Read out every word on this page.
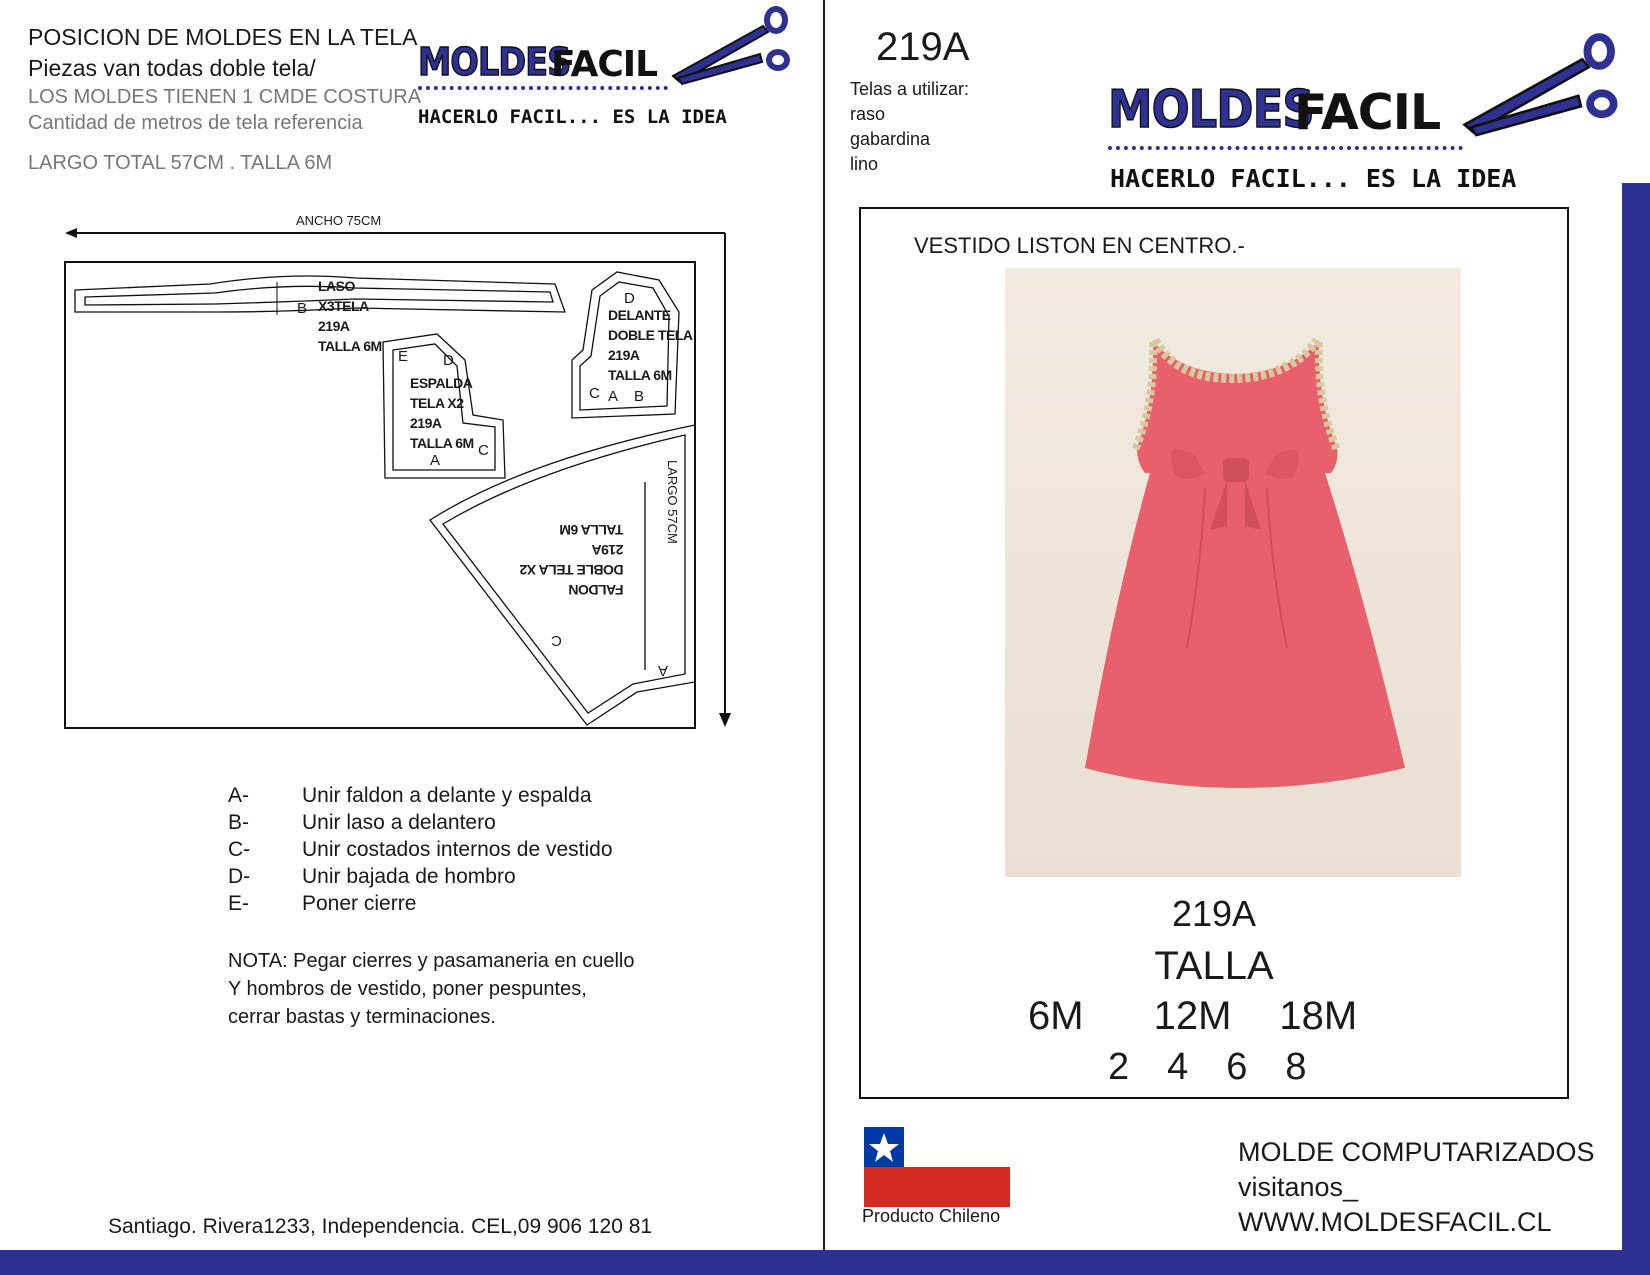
POSICION DE MOLDES EN LA TELA
Piezas van todas doble tela/
LOS MOLDES TIENEN 1 CMDE COSTURA
Cantidad de metros de tela referencia
LARGO TOTAL 57CM . TALLA 6M
MOLDES
FACIL
HACERLO FACIL... ES LA IDEA
ANCHO 75CM
LARGO 57CM
LASO
X3TELA
219A
TALLA 6M
B
ESPALDA
TELA X2
219A
TALLA 6M
E D
C
A
DELANTE
DOBLE TELA
219A
TALLA 6M
D
C A B
FALDON
DOBLE TELA X2
219A
TALLA 6M
C
A
A-	Unir faldon a delante y espalda
B-	Unir laso a delantero
C-	Unir costados internos de vestido
D-	Unir bajada de hombro
E-	Poner cierre
NOTA: Pegar cierres y pasamaneria en cuello
Y hombros de vestido, poner pespuntes,
cerrar bastas y terminaciones.
Santiago. Rivera1233, Independencia. CEL,09 906 120 81
219A
Telas a utilizar:
raso
gabardina
lino
MOLDES
FACIL
HACERLO FACIL... ES LA IDEA
VESTIDO LISTON EN CENTRO.-
219A
TALLA
6M 12M 18M
2 4 6 8
Producto Chileno
MOLDE COMPUTARIZADOS
visitanos_
WWW.MOLDESFACIL.CL
